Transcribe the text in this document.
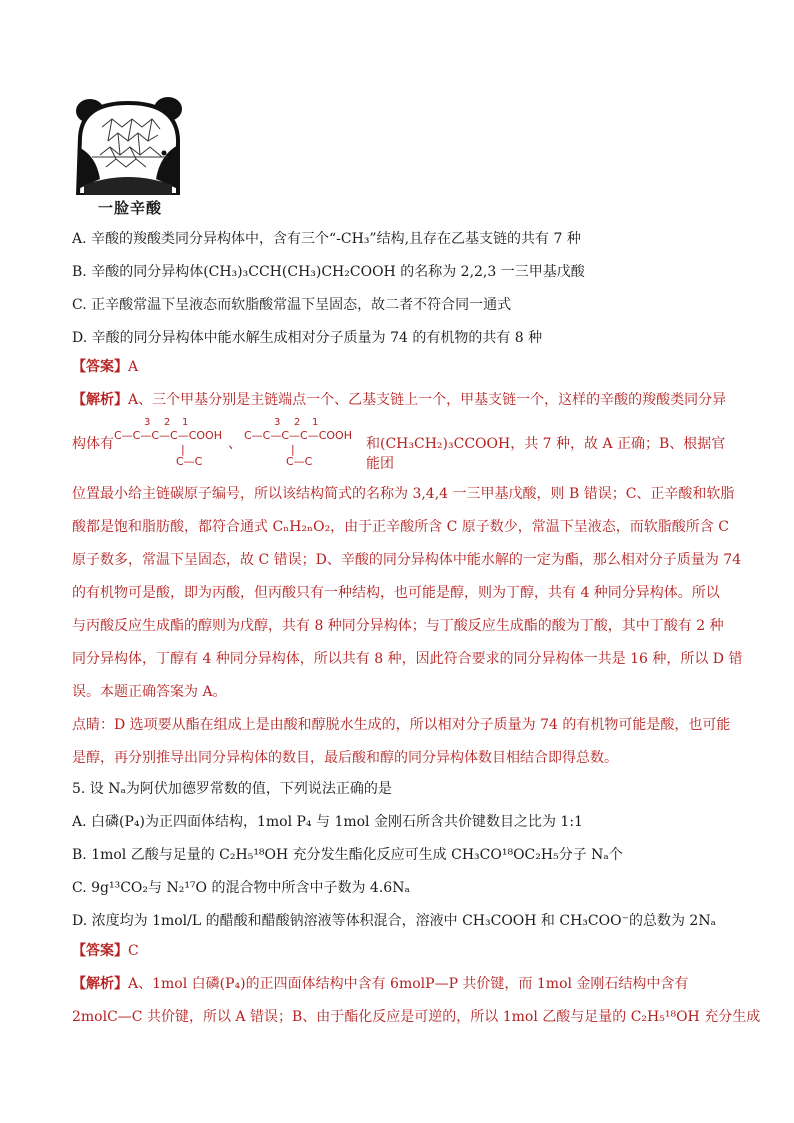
一脸辛酸
A. 辛酸的羧酸类同分异构体中，含有三个“-CH₃”结构,且存在乙基支链的共有 7 种
B. 辛酸的同分异构体(CH₃)₃CCH(CH₃)CH₂COOH 的名称为 2,2,3 一三甲基戊酸
C. 正辛酸常温下呈液态而软脂酸常温下呈固态，故二者不符合同一通式
D. 辛酸的同分异构体中能水解生成相对分子质量为 74 的有机物的共有 8 种
【答案】A
【解析】A、三个甲基分别是主链端点一个、乙基支链上一个，甲基支链一个，这样的辛酸的羧酸类同分异
构体有
3 2 1
C—C—C—C—COOH
|
C—C
、
3 2 1
C—C—C—C—COOH
|
C—C
和(CH₃CH₂)₃CCOOH，共 7 种，故 A 正确；B、根据官能团
位置最小给主链碳原子编号，所以该结构简式的名称为 3,4,4 一三甲基戊酸，则 B 错误；C、正辛酸和软脂
酸都是饱和脂肪酸，都符合通式 CₙH₂ₙO₂，由于正辛酸所含 C 原子数少，常温下呈液态，而软脂酸所含 C
原子数多，常温下呈固态，故 C 错误；D、辛酸的同分异构体中能水解的一定为酯，那么相对分子质量为 74
的有机物可是酸，即为丙酸，但丙酸只有一种结构，也可能是醇，则为丁醇，共有 4 种同分异构体。所以
与丙酸反应生成酯的醇则为戊醇，共有 8 种同分异构体；与丁酸反应生成酯的酸为丁酸，其中丁酸有 2 种
同分异构体，丁醇有 4 种同分异构体，所以共有 8 种，因此符合要求的同分异构体一共是 16 种，所以 D 错
误。本题正确答案为 A。
点睛：D 选项要从酯在组成上是由酸和醇脱水生成的，所以相对分子质量为 74 的有机物可能是酸，也可能
是醇，再分别推导出同分异构体的数目，最后酸和醇的同分异构体数目相结合即得总数。
5. 设 Nₐ为阿伏加德罗常数的值，下列说法正确的是
A. 白磷(P₄)为正四面体结构，1mol P₄ 与 1mol 金刚石所含共价键数目之比为 1:1
B. 1mol 乙酸与足量的 C₂H₅¹⁸OH 充分发生酯化反应可生成 CH₃CO¹⁸OC₂H₅分子 Nₐ个
C. 9g¹³CO₂与 N₂¹⁷O 的混合物中所含中子数为 4.6Nₐ
D. 浓度均为 1mol/L 的醋酸和醋酸钠溶液等体积混合，溶液中 CH₃COOH 和 CH₃COO⁻的总数为 2Nₐ
【答案】C
【解析】A、1mol 白磷(P₄)的正四面体结构中含有 6molP—P 共价键，而 1mol 金刚石结构中含有
2molC—C 共价键，所以 A 错误；B、由于酯化反应是可逆的，所以 1mol 乙酸与足量的 C₂H₅¹⁸OH 充分生成
